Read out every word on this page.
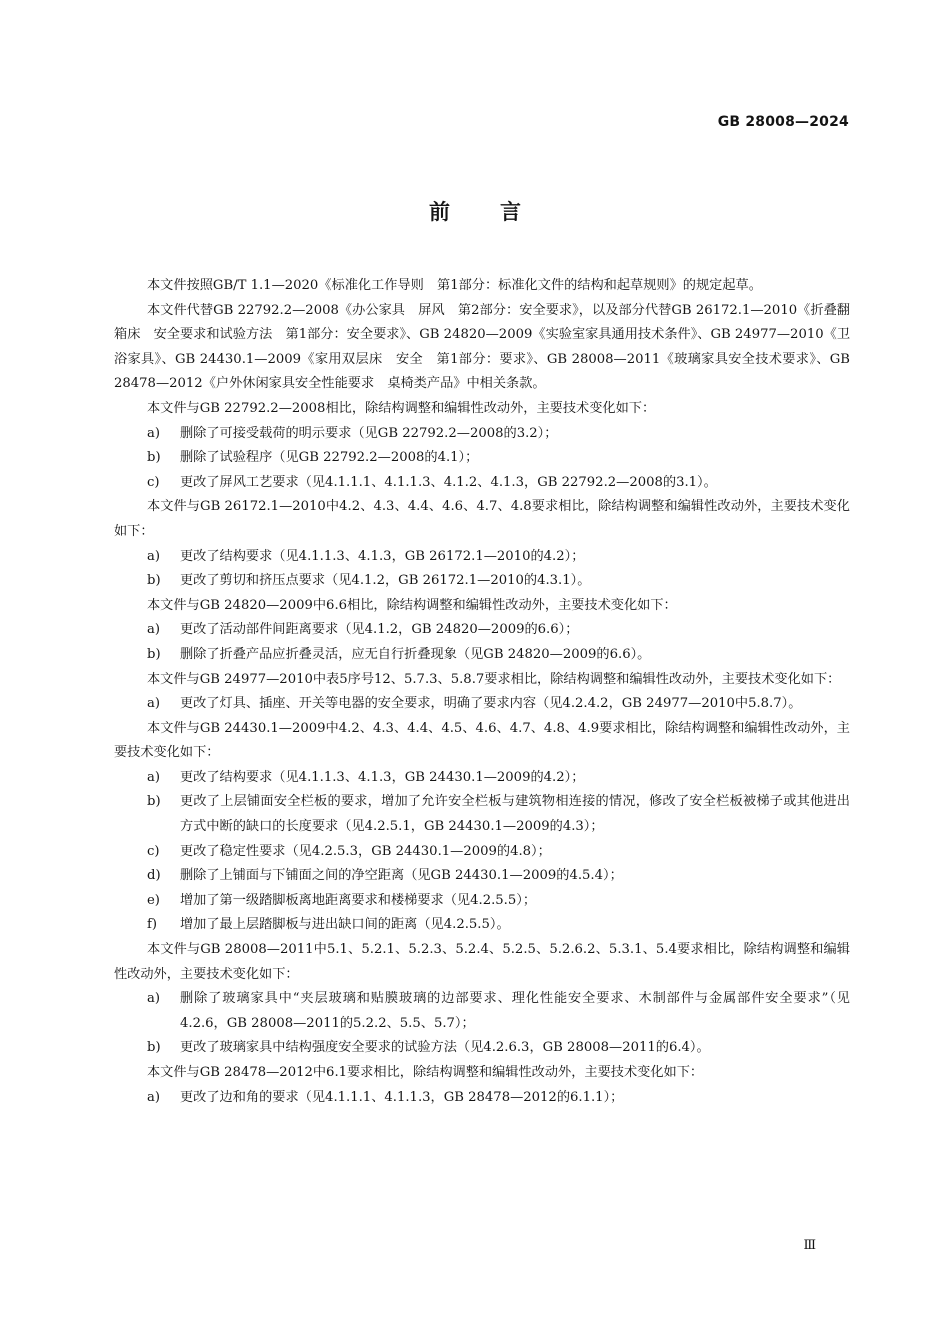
GB 28008—2024
前言

本文件按照GB/T 1.1—2020《标准化工作导则　第1部分：标准化文件的结构和起草规则》的规定起草。

本文件代替GB 22792.2—2008《办公家具　屏风　第2部分：安全要求》，以及部分代替GB 26172.1—2010《折叠翻箱床　安全要求和试验方法　第1部分：安全要求》、GB 24820—2009《实验室家具通用技术条件》、GB 24977—2010《卫浴家具》、GB 24430.1—2009《家用双层床　安全　第1部分：要求》、GB 28008—2011《玻璃家具安全技术要求》、GB 28478—2012《户外休闲家具安全性能要求　桌椅类产品》中相关条款。

本文件与GB 22792.2—2008相比，除结构调整和编辑性改动外，主要技术变化如下：

a)	删除了可接受载荷的明示要求（见GB 22792.2—2008的3.2）；

b)	删除了试验程序（见GB 22792.2—2008的4.1）；

c)	更改了屏风工艺要求（见4.1.1.1、4.1.1.3、4.1.2、4.1.3，GB 22792.2—2008的3.1）。

本文件与GB 26172.1—2010中4.2、4.3、4.4、4.6、4.7、4.8要求相比，除结构调整和编辑性改动外，主要技术变化如下：

a)	更改了结构要求（见4.1.1.3、4.1.3，GB 26172.1—2010的4.2）；

b)	更改了剪切和挤压点要求（见4.1.2，GB 26172.1—2010的4.3.1）。

本文件与GB 24820—2009中6.6相比，除结构调整和编辑性改动外，主要技术变化如下：

a)	更改了活动部件间距离要求（见4.1.2，GB 24820—2009的6.6）；

b)	删除了折叠产品应折叠灵活，应无自行折叠现象（见GB 24820—2009的6.6）。

本文件与GB 24977—2010中表5序号12、5.7.3、5.8.7要求相比，除结构调整和编辑性改动外，主要技术变化如下：

a)	更改了灯具、插座、开关等电器的安全要求，明确了要求内容（见4.2.4.2，GB 24977—2010中5.8.7）。

本文件与GB 24430.1—2009中4.2、4.3、4.4、4.5、4.6、4.7、4.8、4.9要求相比，除结构调整和编辑性改动外，主要技术变化如下：

a)	更改了结构要求（见4.1.1.3、4.1.3，GB 24430.1—2009的4.2）；

b)	更改了上层铺面安全栏板的要求，增加了允许安全栏板与建筑物相连接的情况，修改了安全栏板被梯子或其他进出方式中断的缺口的长度要求（见4.2.5.1，GB 24430.1—2009的4.3）；

c)	更改了稳定性要求（见4.2.5.3，GB 24430.1—2009的4.8）；

d)	删除了上铺面与下铺面之间的净空距离（见GB 24430.1—2009的4.5.4）；

e)	增加了第一级踏脚板离地距离要求和楼梯要求（见4.2.5.5）；

f)	增加了最上层踏脚板与进出缺口间的距离（见4.2.5.5）。

本文件与GB 28008—2011中5.1、5.2.1、5.2.3、5.2.4、5.2.5、5.2.6.2、5.3.1、5.4要求相比，除结构调整和编辑性改动外，主要技术变化如下：

a)	删除了玻璃家具中“夹层玻璃和贴膜玻璃的边部要求、理化性能安全要求、木制部件与金属部件安全要求”（见4.2.6，GB 28008—2011的5.2.2、5.5、5.7）；

b)	更改了玻璃家具中结构强度安全要求的试验方法（见4.2.6.3，GB 28008—2011的6.4）。

本文件与GB 28478—2012中6.1要求相比，除结构调整和编辑性改动外，主要技术变化如下：

a)	更改了边和角的要求（见4.1.1.1、4.1.1.3，GB 28478—2012的6.1.1）；

Ⅲ
